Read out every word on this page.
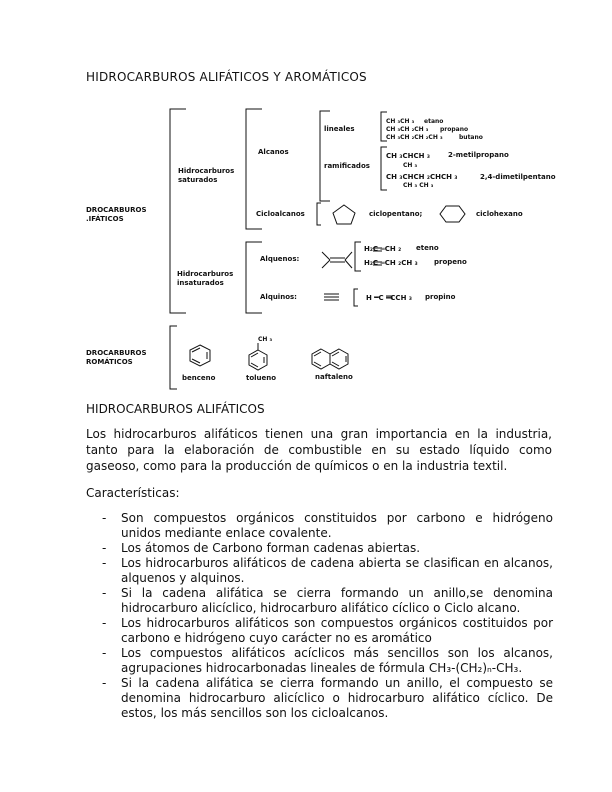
HIDROCARBUROS ALIFÁTICOS Y AROMÁTICOS
DROCARBUROS
.IFÁTICOS
DROCARBUROS
ROMÁTICOS
Hidrocarburos
saturados
Hidrocarburos
insaturados
Alcanos
Cicloalcanos
Alquenos:
Alquinos:
lineales
ramificados
CH ₃CH ₃ etano
CH ₃CH ₂CH ₃ propano
CH ₃CH ₂CH ₂CH ₃	butano
CH ₃CHCH ₃
CH ₃
2-metilpropano
CH ₃CHCH ₂CHCH ₃
CH ₃ CH ₃
2,4-dimetilpentano
ciclopentano;	ciclohexano
H₂C ═CH ₂ eteno
H₂C ═CH ₂CH ₃ propeno
H ─C ═CCH ₃ propino
CH ₃
benceno	tolueno	naftaleno
HIDROCARBUROS ALIFÁTICOS
Los hidrocarburos alifáticos tienen una gran importancia en la industria, tanto para la elaboración de combustible en su estado líquido como gaseoso, como para la producción de químicos o en la industria textil.
Características:
- Son compuestos orgánicos constituidos por carbono e hidrógeno unidos mediante enlace covalente.
- Los átomos de Carbono forman cadenas abiertas.
- Los hidrocarburos alifáticos de cadena abierta se clasifican en alcanos, alquenos y alquinos.
- Si la cadena alifática se cierra formando un anillo,se denomina hidrocarburo alicíclico, hidrocarburo alifático cíclico o Ciclo alcano.
- Los hidrocarburos alifáticos son compuestos orgánicos costituidos por carbono e hidrógeno cuyo carácter no es aromático
- Los compuestos alifáticos acíclicos más sencillos son los alcanos, agrupaciones hidrocarbonadas lineales de fórmula CH₃-(CH₂)ₙ-CH₃.
- Si la cadena alifática se cierra formando un anillo, el compuesto se denomina hidrocarburo alicíclico o hidrocarburo alifático cíclico. De estos, los más sencillos son los cicloalcanos.
